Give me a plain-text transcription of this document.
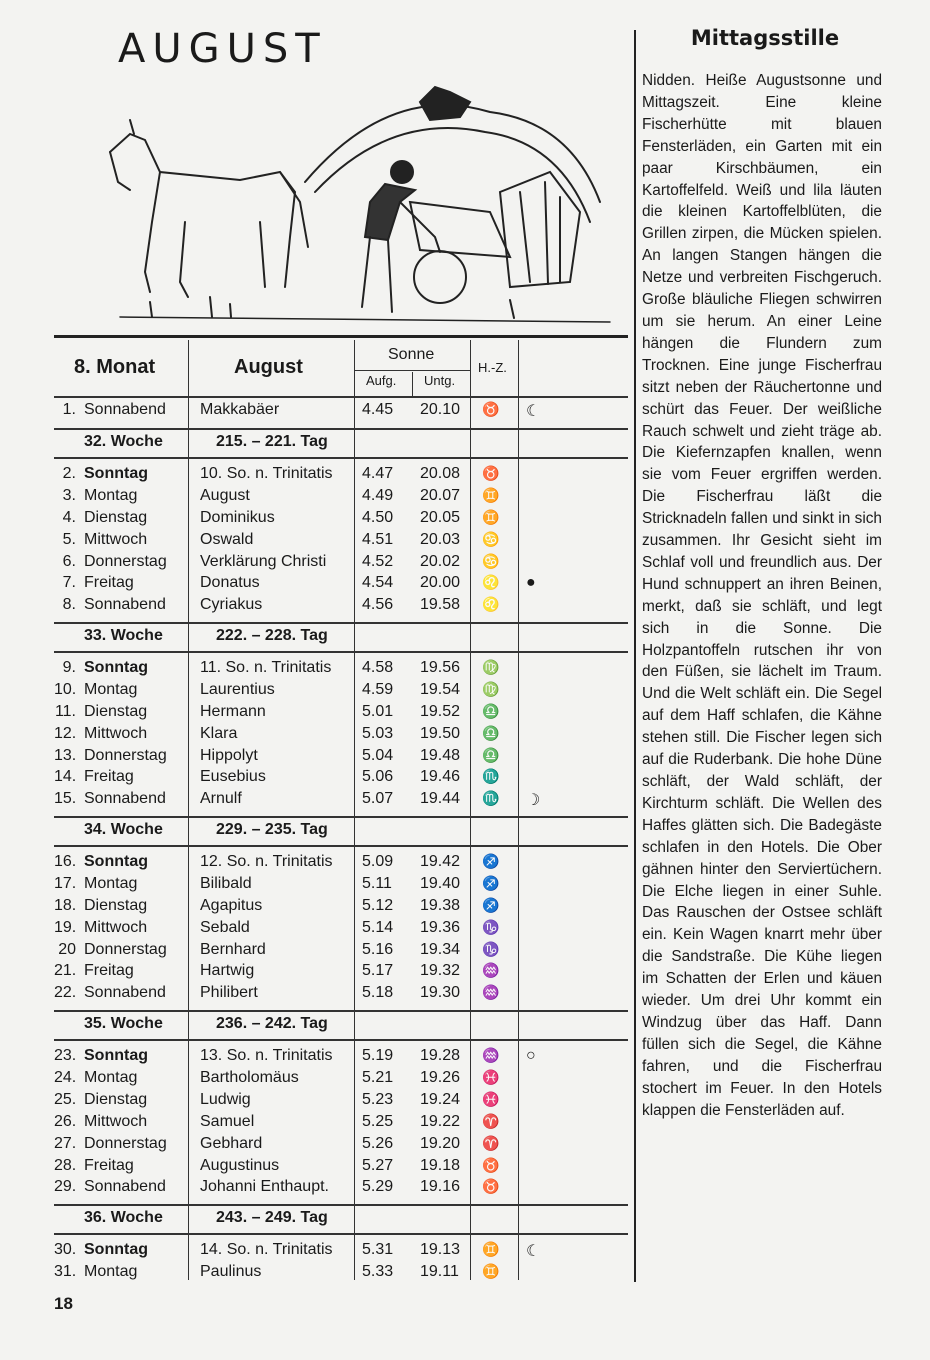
AUGUST
8. Monat	August
Sonne
Aufg. Untg.
H.-Z.
1. Sonnabend Makkabäer	4.45 20.10 ♉ ☾
32. Woche	215. – 221. Tag
2. Sonntag	10. So. n. Trinitatis 4.47 20.08 ♉
3. Montag	August	4.49 20.07 ♊
4. Dienstag	Dominikus	4.50 20.05 ♊
5. Mittwoch	Oswald	4.51 20.03 ♋
6. Donnerstag Verklärung Christi 4.52 20.02 ♋
7. Freitag	Donatus	4.54 20.00 ♌ ●
8. Sonnabend Cyriakus	4.56 19.58 ♌
33. Woche	222. – 228. Tag
9. Sonntag	11. So. n. Trinitatis 4.58 19.56 ♍
10. Montag	Laurentius	4.59 19.54 ♍
11. Dienstag	Hermann	5.01 19.52 ♎
12. Mittwoch	Klara	5.03 19.50 ♎
13. Donnerstag Hippolyt	5.04 19.48 ♎
14. Freitag	Eusebius	5.06 19.46 ♏
15. Sonnabend Arnulf	5.07 19.44 ♏ ☽
34. Woche	229. – 235. Tag
16. Sonntag	12. So. n. Trinitatis 5.09 19.42 ♐
17. Montag	Bilibald	5.11 19.40 ♐
18. Dienstag	Agapitus	5.12 19.38 ♐
19. Mittwoch	Sebald	5.14 19.36 ♑
20 Donnerstag Bernhard	5.16 19.34 ♑
21. Freitag	Hartwig	5.17 19.32 ♒
22. Sonnabend Philibert	5.18 19.30 ♒
35. Woche	236. – 242. Tag
23. Sonntag	13. So. n. Trinitatis 5.19 19.28 ♒ ○
24. Montag	Bartholomäus	5.21 19.26 ♓
25. Dienstag	Ludwig	5.23 19.24 ♓
26. Mittwoch	Samuel	5.25 19.22 ♈
27. Donnerstag Gebhard	5.26 19.20 ♈
28. Freitag	Augustinus	5.27 19.18 ♉
29. Sonnabend Johanni Enthaupt. 5.29 19.16 ♉
36. Woche	243. – 249. Tag
30. Sonntag	14. So. n. Trinitatis 5.31 19.13 ♊ ☾
31. Montag	Paulinus	5.33 19.11 ♊
Mittagsstille
Nidden. Heiße Augustsonne und Mittagszeit. Eine kleine Fischerhütte mit blauen Fensterläden, ein Garten mit ein paar Kirschbäumen, ein Kartoffelfeld. Weiß und lila läuten die kleinen Kartoffelblüten, die Grillen zirpen, die Mücken spielen. An langen Stangen hängen die Netze und verbreiten Fischgeruch. Große bläuliche Fliegen schwirren um sie herum. An einer Leine hängen die Flundern zum Trocknen. Eine junge Fischerfrau sitzt neben der Räuchertonne und schürt das Feuer. Der weißliche Rauch schwelt und zieht träge ab. Die Kiefernzapfen knallen, wenn sie vom Feuer ergriffen werden. Die Fischerfrau läßt die Stricknadeln fallen und sinkt in sich zusammen. Ihr Gesicht sieht im Schlaf voll und freundlich aus. Der Hund schnuppert an ihren Beinen, merkt, daß sie schläft, und legt sich in die Sonne. Die Holzpantoffeln rutschen ihr von den Füßen, sie lächelt im Traum. Und die Welt schläft ein. Die Segel auf dem Haff schlafen, die Kähne stehen still. Die Fischer legen sich auf die Ruderbank. Die hohe Düne schläft, der Wald schläft, der Kirchturm schläft. Die Wellen des Haffes glätten sich. Die Badegäste schlafen in den Hotels. Die Ober gähnen hinter den Serviertüchern. Die Elche liegen in einer Suhle. Das Rauschen der Ostsee schläft ein. Kein Wagen knarrt mehr über die Sandstraße. Die Kühe liegen im Schatten der Erlen und käuen wieder. Um drei Uhr kommt ein Windzug über das Haff. Dann füllen sich die Segel, die Kähne fahren, und die Fischerfrau stochert im Feuer. In den Hotels klappen die Fensterläden auf.
18
